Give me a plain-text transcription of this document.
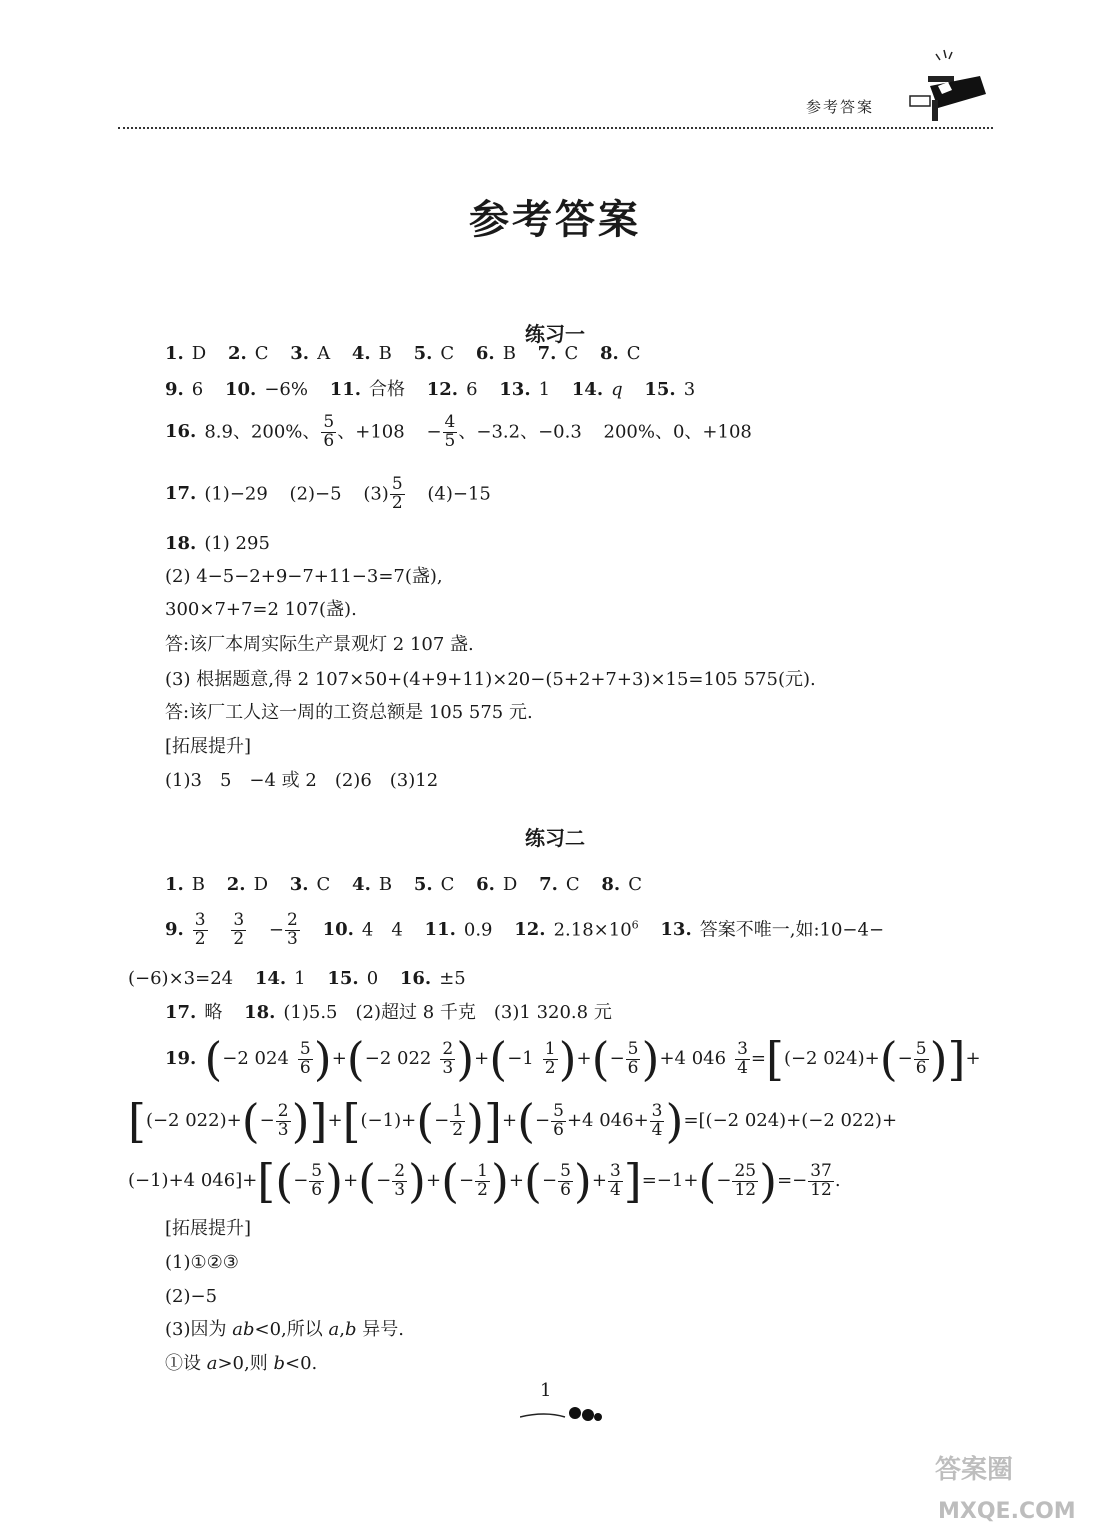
参考答案
参考答案
练习一
1. D 2. C 3. A 4. B 5. C 6. B 7. C 8. C
9. 6 10. −6% 11. 合格 12. 6 13. 1 14. q 15. 3
16. 8.9、200%、 $\frac{5}{6}$ 、$+108 - \frac{4}{5}$ 、−3.2、−0.3 200%、0、+108
17. (1)−29 (2)−5 $(3) \frac{5}{2} (4)-15$
18. (1) 295
(2) 4−5−2+9−7+11−3=7(盏),
300×7+7=2 107(盏).
答:该厂本周实际生产景观灯 2 107 盏.
(3) 根据题意,得 2 107×50+(4+9+11)×20−(5+2+7+3)×15=105 575(元).
答:该厂工人这一周的工资总额是 105 575 元.
[拓展提升]
(1)3　5　−4 或 2　(2)6　(3)12
练习二
1. B 2. D 3. C 4. B 5. C 6. D 7. C 8. C
9. $\frac{3}{2}$
$\frac{3}{2} - \frac{2}{3} 10$. 4　4 11. 0.9 12. $2.18\times 10^6$ 13. 答案不唯一,如:10−4−
(−6)×3=24 14. 1 15. 0 16. ±5
17. 略 18. (1)5.5　(2)超过 8 千克　(3)1 320.8 元
19. (−2 $024 \frac{5}{6} )+(-2$ $022 \frac{2}{3} )+(-1 \frac{1}{2}$ )+(− $\frac{5}{6} )+4$ $046 \frac{3}{4} =[(-2$ $024)+(- \frac{5}{6}$ )]+
[(−2 $022)+(- \frac{2}{3} )]+[(-1)+(- \frac{1}{2}$ )]+(− $\frac{5}{6} +4$ $046+ \frac{3}{4} )=[(-2$ 024)+(−2 022)+
(−1)+4 $046]+[(- \frac{5}{6}$ )+(− $\frac{2}{3}$ )+(− $\frac{1}{2}$ )+(− $\frac{5}{6}$ )+ $\frac{3}{4} ]=-1+(- \frac{25}{12}$ )=− $\frac{37}{12}$ .
[拓展提升]
(1)①②③
(2)−5
(3)因为 ab<0,所以 a,b 异号.
①设 a>0,则 b<0.
1
答案圈
MXQE.COM
